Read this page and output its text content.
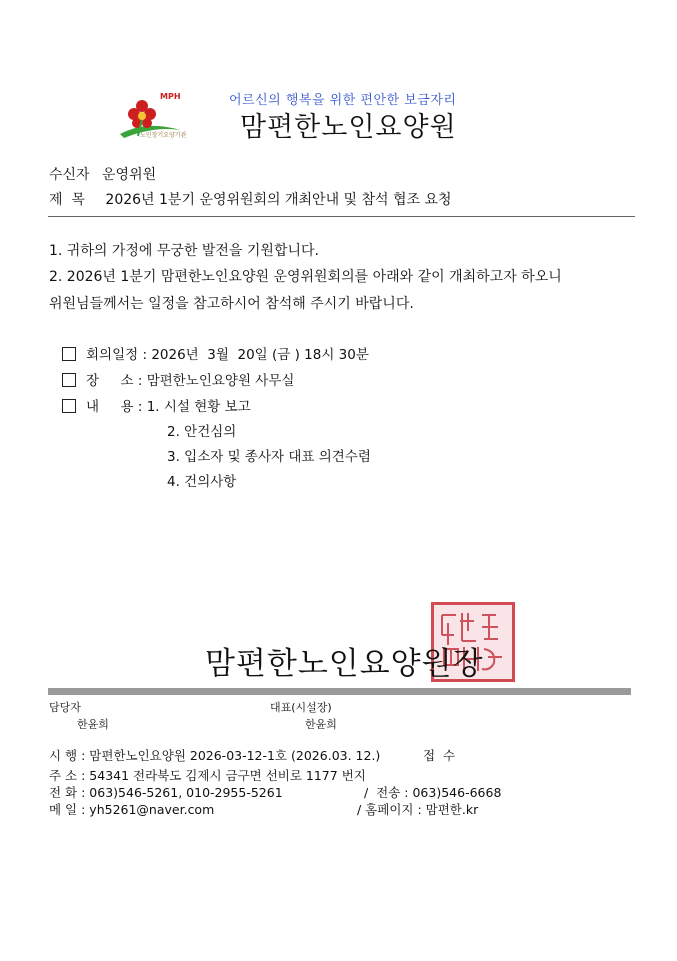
MPH
노인장기요양기관
어르신의 행복을 위한 편안한 보금자리
맘편한노인요양원
수신자 운영위원
제  목 2026년 1분기 운영위원회의 개최안내 및 참석 협조 요청
1. 귀하의 가정에 무궁한 발전을 기원합니다.
2. 2026년 1분기 맘편한노인요양원 운영위원회의를 아래와 같이 개최하고자 하오니
위원님들께서는 일정을 참고하시어 참석해 주시기 바랍니다.
회의일정 : 2026년  3월  20일 (금 ) 18시 30분
장     소 : 맘편한노인요양원 사무실
내     용 : 1. 시설 현황 보고
2. 안건심의
3. 입소자 및 종사자 대표 의견수렴
4. 건의사항
맘편한노인요양원장
담당자
한윤희
대표(시설장)
한윤희
시 행 : 맘편한노인요양원 2026-03-12-1호 (2026.03. 12.)	접  수
주 소 : 54341 전라북도 김제시 금구면 선비로 1177 번지
전 화 : 063)546-5261, 010-2955-5261	/  전송 : 063)546-6668
메 일 : yh5261@naver.com	/ 홈페이지 : 맘편한.kr
